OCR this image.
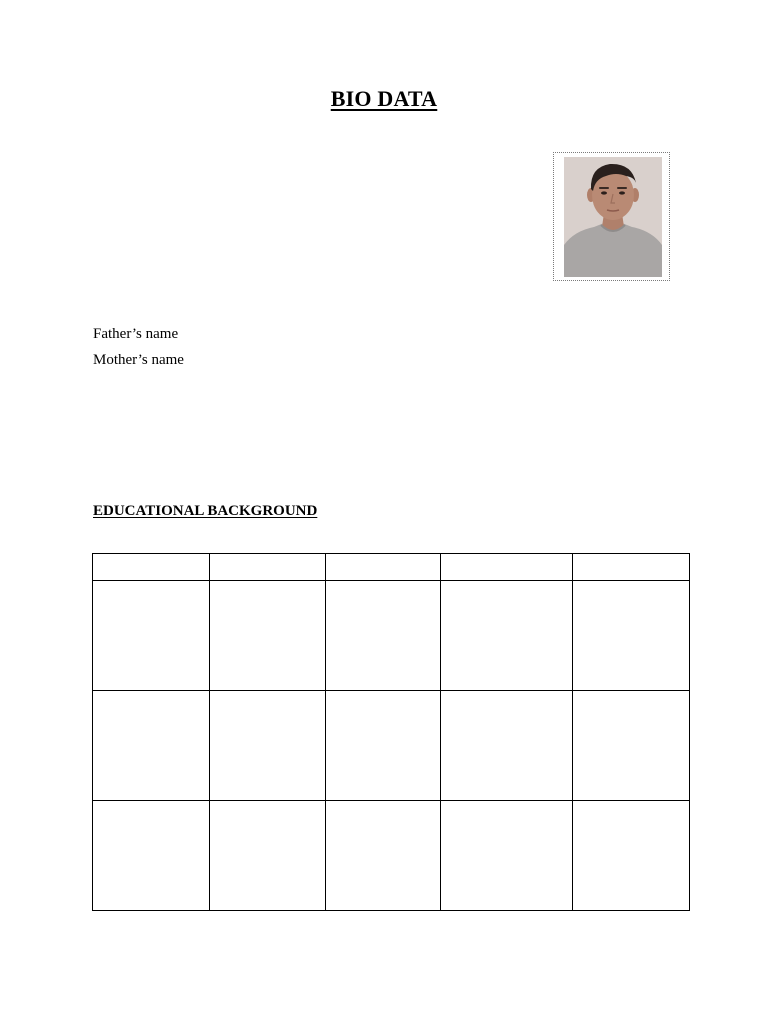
BIO DATA
Father’s name
Mother’s name
EDUCATIONAL BACKGROUND
